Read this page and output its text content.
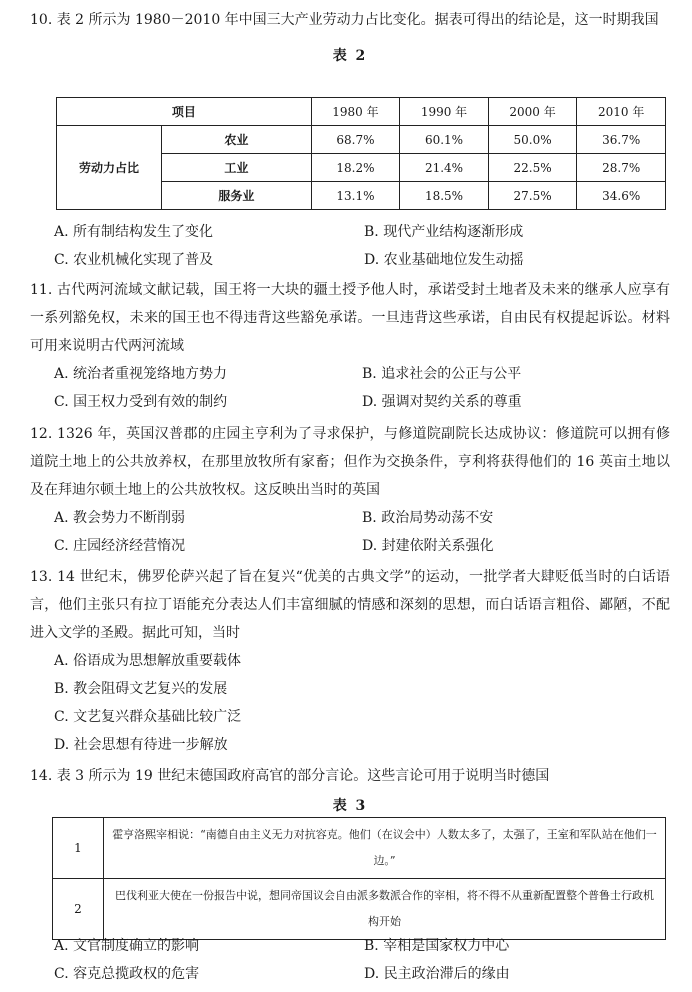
10. 表 2 所示为 1980－2010 年中国三大产业劳动力占比变化。据表可得出的结论是，这一时期我国

表 2
项目		1980 年	1990 年	2000 年	2010 年
劳动力占比	农业	68.7%	60.1%	50.0%	36.7%
	工业	18.2%	21.4%	22.5%	28.7%
	服务业	13.1%	18.5%	27.5%	34.6%
A. 所有制结构发生了变化	B. 现代产业结构逐渐形成
C. 农业机械化实现了普及	D. 农业基础地位发生动摇

11. 古代两河流域文献记载，国王将一大块的疆土授予他人时，承诺受封土地者及未来的继承人应享有一系列豁免权，未来的国王也不得违背这些豁免承诺。一旦违背这些承诺，自由民有权提起诉讼。材料可用来说明古代两河流域

A. 统治者重视笼络地方势力	B. 追求社会的公正与公平
C. 国王权力受到有效的制约	D. 强调对契约关系的尊重

12. 1326 年，英国汉普郡的庄园主亨利为了寻求保护，与修道院副院长达成协议：修道院可以拥有修道院土地上的公共放养权，在那里放牧所有家畜；但作为交换条件，亨利将获得他们的 16 英亩土地以及在拜迪尔顿土地上的公共放牧权。这反映出当时的英国

A. 教会势力不断削弱	B. 政治局势动荡不安
C. 庄园经济经营惰况	D. 封建依附关系强化

13. 14 世纪末，佛罗伦萨兴起了旨在复兴“优美的古典文学”的运动，一批学者大肆贬低当时的白话语言，他们主张只有拉丁语能充分表达人们丰富细腻的情感和深刻的思想，而白话语言粗俗、鄙陋，不配进入文学的圣殿。据此可知，当时

A. 俗语成为思想解放重要载体
B. 教会阻碍文艺复兴的发展
C. 文艺复兴群众基础比较广泛
D. 社会思想有待进一步解放

14. 表 3 所示为 19 世纪末德国政府高官的部分言论。这些言论可用于说明当时德国

表 3
1	霍亨洛熙宰相说：“南德自由主义无力对抗容克。他们（在议会中）人数太多了，太强了，王室和军队站在他们一边。”
2	巴伐利亚大使在一份报告中说，想同帝国议会自由派多数派合作的宰相，将不得不从重新配置整个普鲁士行政机构开始
A. 文官制度确立的影响	B. 宰相是国家权力中心
C. 容克总揽政权的危害	D. 民主政治滞后的缘由
